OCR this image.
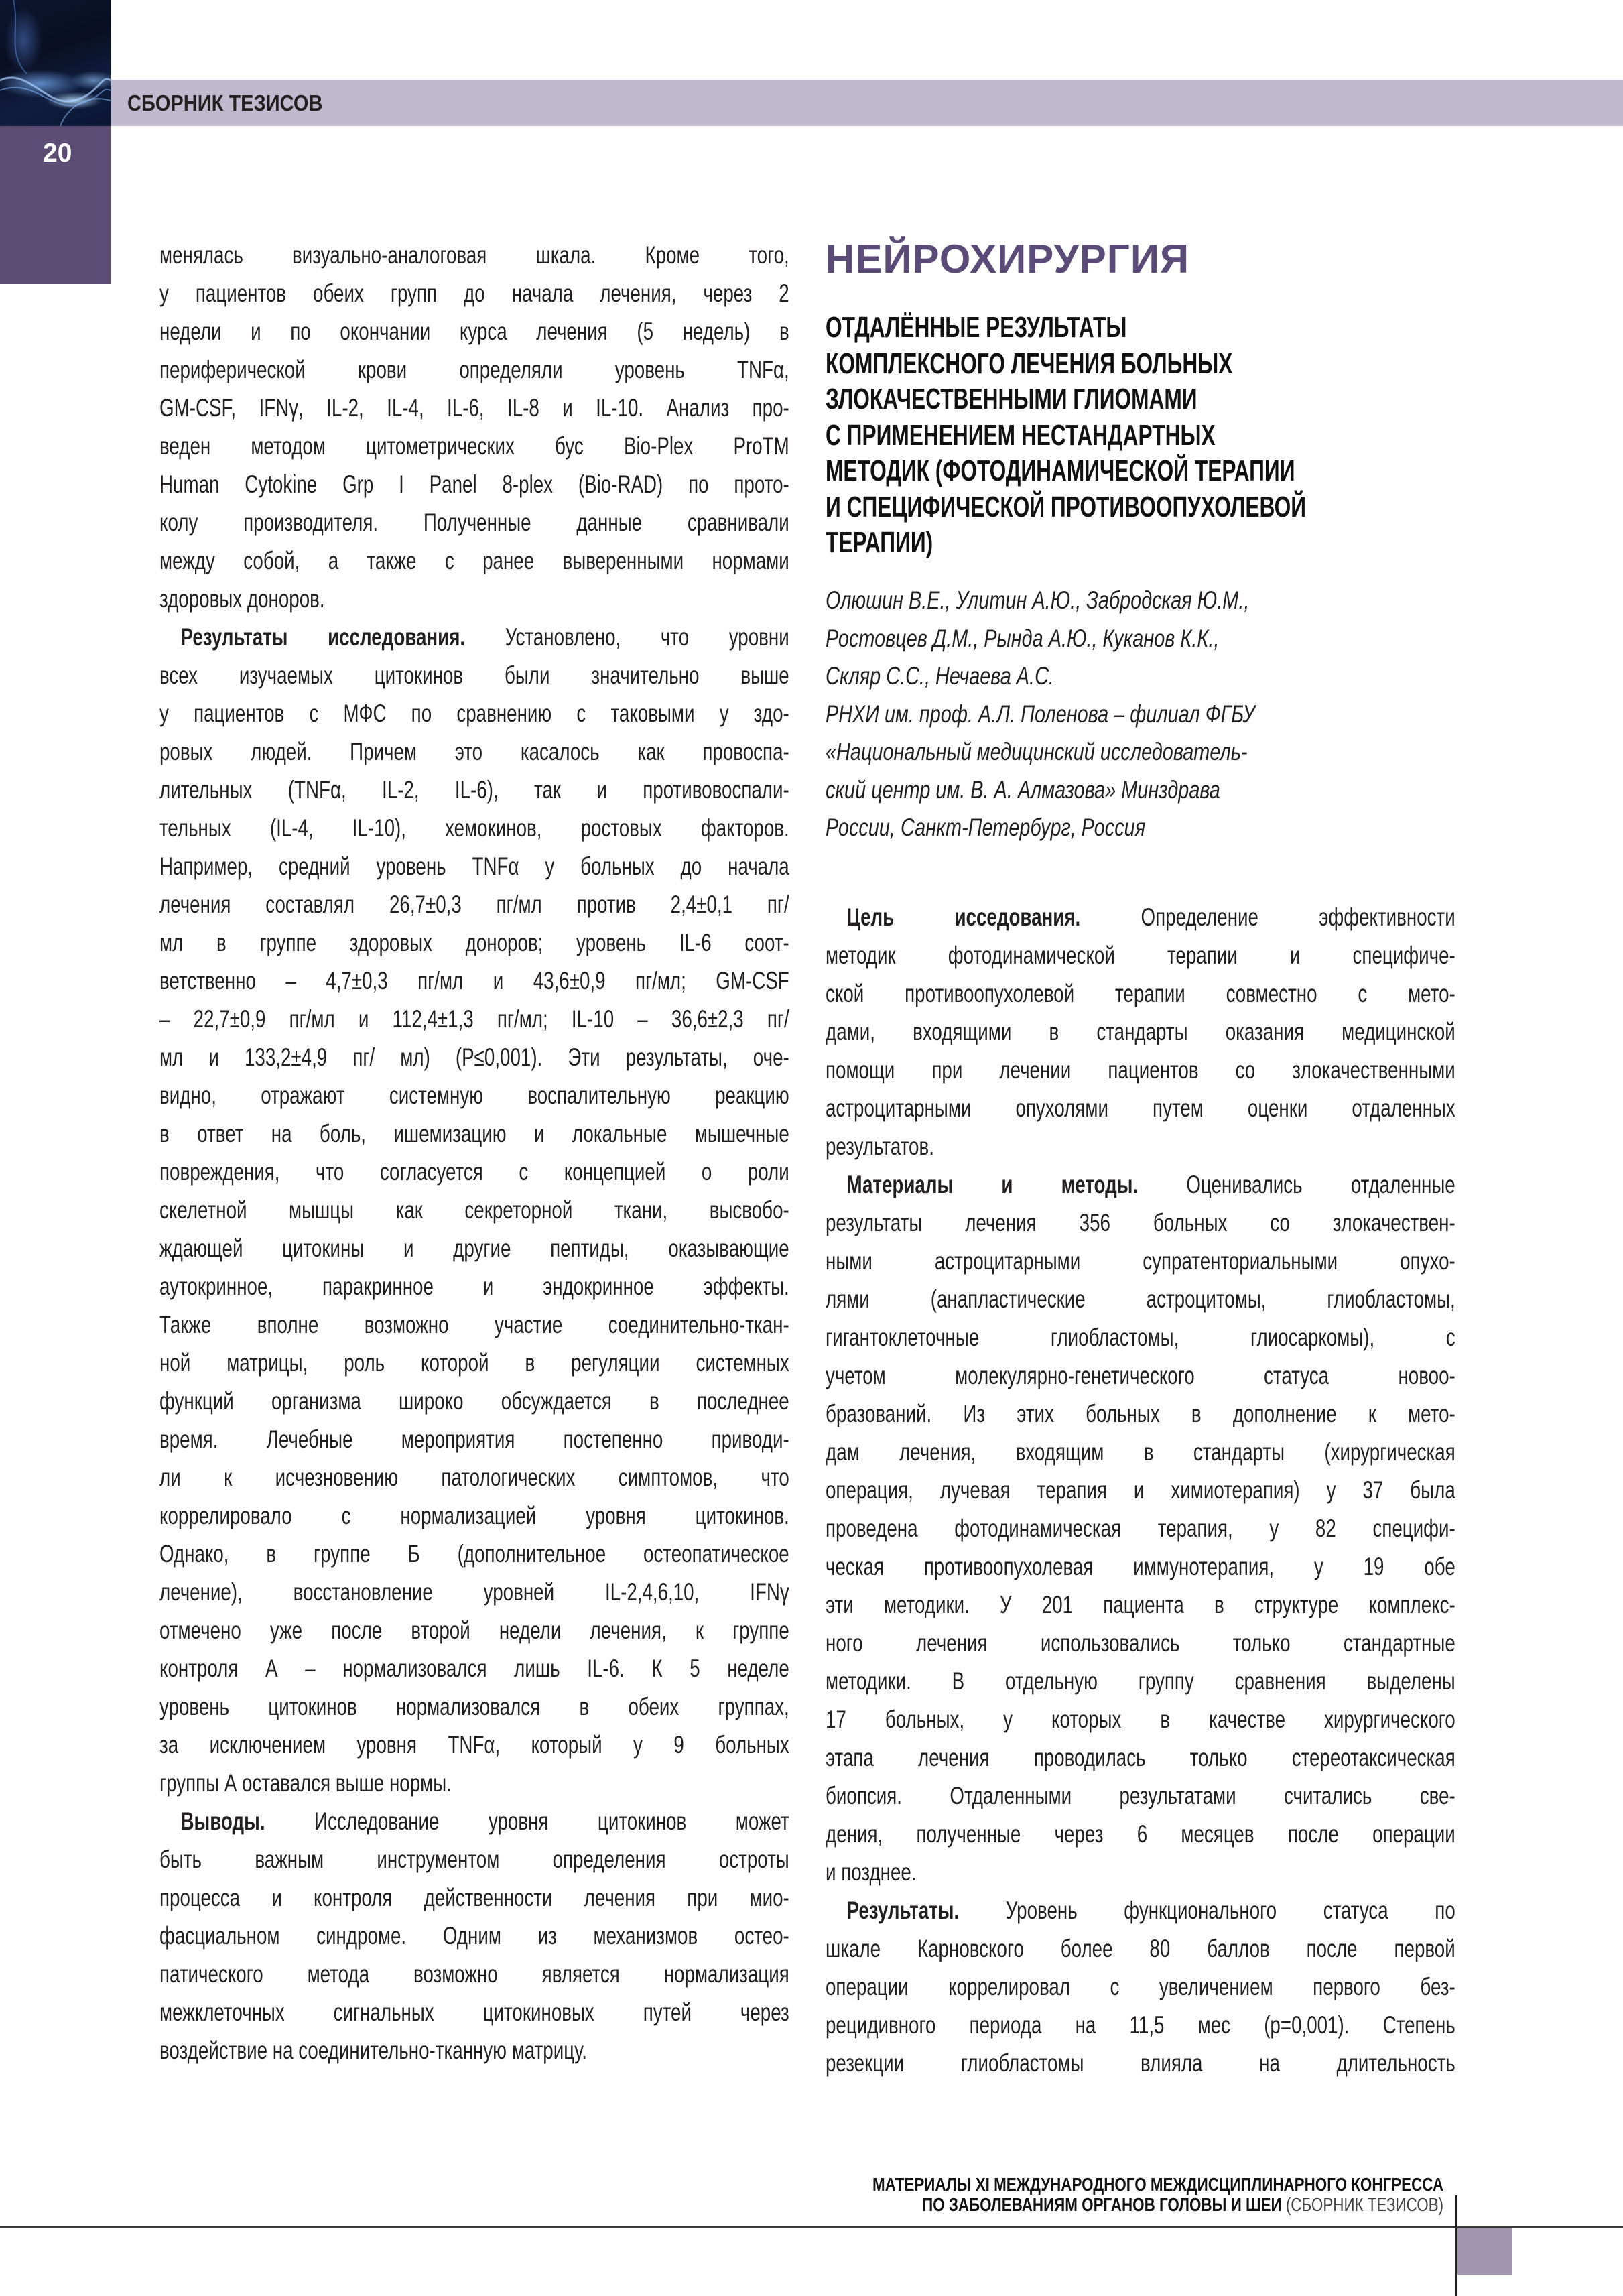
СБОРНИК ТЕЗИСОВ
20
менялась визуально-аналоговая шкала. Кроме того,
у пациентов обеих групп до начала лечения, через 2
недели и по окончании курса лечения (5 недель) в
периферической крови определяли уровень TNFα,
GM-CSF, IFNγ, IL-2, IL-4, IL-6, IL-8 и IL-10. Анализ про-
веден методом цитометрических бус Bio-Plex ProTM
Human Cytokine Grp I Panel 8-plex (Bio-RAD) по прото-
колу производителя. Полученные данные сравнивали
между собой, а также с ранее выверенными нормами
здоровых доноров.
Результаты исследования. Установлено, что уровни
всех изучаемых цитокинов были значительно выше
у пациентов с МФС по сравнению с таковыми у здо-
ровых людей. Причем это касалось как провоспа-
лительных (TNFα, IL-2, IL-6), так и противовоспали-
тельных (IL-4, IL-10), хемокинов, ростовых факторов.
Например, средний уровень TNFα у больных до начала
лечения составлял 26,7±0,3 пг/мл против 2,4±0,1 пг/
мл в группе здоровых доноров; уровень IL-6 соот-
ветственно – 4,7±0,3 пг/мл и 43,6±0,9 пг/мл; GM-CSF
– 22,7±0,9 пг/мл и 112,4±1,3 пг/мл; IL-10 – 36,6±2,3 пг/
мл и 133,2±4,9 пг/ мл) (P≤0,001). Эти результаты, оче-
видно, отражают системную воспалительную реакцию
в ответ на боль, ишемизацию и локальные мышечные
повреждения, что согласуется с концепцией о роли
скелетной мышцы как секреторной ткани, высвобо-
ждающей цитокины и другие пептиды, оказывающие
аутокринное, паракринное и эндокринное эффекты.
Также вполне возможно участие соединительно-ткан-
ной матрицы, роль которой в регуляции системных
функций организма широко обсуждается в последнее
время. Лечебные мероприятия постепенно приводи-
ли к исчезновению патологических симптомов, что
коррелировало с нормализацией уровня цитокинов.
Однако, в группе Б (дополнительное остеопатическое
лечение), восстановление уровней IL-2,4,6,10, IFNγ
отмечено уже после второй недели лечения, к группе
контроля А – нормализовался лишь IL-6. К 5 неделе
уровень цитокинов нормализовался в обеих группах,
за исключением уровня TNFα, который у 9 больных
группы А оставался выше нормы.
Выводы. Исследование уровня цитокинов может
быть важным инструментом определения остроты
процесса и контроля действенности лечения при мио-
фасциальном синдроме. Одним из механизмов остео-
патического метода возможно является нормализация
межклеточных сигнальных цитокиновых путей через
воздействие на соединительно-тканную матрицу.
НЕЙРОХИРУРГИЯ
ОТДАЛЁННЫЕ РЕЗУЛЬТАТЫ
КОМПЛЕКСНОГО ЛЕЧЕНИЯ БОЛЬНЫХ
ЗЛОКАЧЕСТВЕННЫМИ ГЛИОМАМИ
С ПРИМЕНЕНИЕМ НЕСТАНДАРТНЫХ
МЕТОДИК (ФОТОДИНАМИЧЕСКОЙ ТЕРАПИИ
И СПЕЦИФИЧЕСКОЙ ПРОТИВООПУХОЛЕВОЙ
ТЕРАПИИ)
Олюшин В.Е., Улитин А.Ю., Забродская Ю.М.,
Ростовцев Д.М., Рында А.Ю., Куканов К.К.,
Скляр С.С., Нечаева А.С.
РНХИ им. проф. А.Л. Поленова – филиал ФГБУ
«Национальный медицинский исследователь-
ский центр им. В. А. Алмазова» Минздрава
России, Санкт-Петербург, Россия
Цель исседования. Определение эффективности
методик фотодинамической терапии и специфиче-
ской противоопухолевой терапии совместно с мето-
дами, входящими в стандарты оказания медицинской
помощи при лечении пациентов со злокачественными
астроцитарными опухолями путем оценки отдаленных
результатов.
Материалы и методы. Оценивались отдаленные
результаты лечения 356 больных со злокачествен-
ными астроцитарными супратенториальными опухо-
лями (анапластические астроцитомы, глиобластомы,
гигантоклеточные глиобластомы, глиосаркомы), с
учетом молекулярно-генетического статуса новоо-
бразований. Из этих больных в дополнение к мето-
дам лечения, входящим в стандарты (хирургическая
операция, лучевая терапия и химиотерапия) у 37 была
проведена фотодинамическая терапия, у 82 специфи-
ческая противоопухолевая иммунотерапия, у 19 обе
эти методики. У 201 пациента в структуре комплекс-
ного лечения использовались только стандартные
методики. В отдельную группу сравнения выделены
17 больных, у которых в качестве хирургического
этапа лечения проводилась только стереотаксическая
биопсия. Отдаленными результатами считались све-
дения, полученные через 6 месяцев после операции
и позднее.
Результаты. Уровень функционального статуса по
шкале Карновского более 80 баллов после первой
операции коррелировал с увеличением первого без-
рецидивного периода на 11,5 мес (p=0,001). Степень
резекции глиобластомы влияла на длительность
МАТЕРИАЛЫ XI МЕЖДУНАРОДНОГО МЕЖДИСЦИПЛИНАРНОГО КОНГРЕССА
ПО ЗАБОЛЕВАНИЯМ ОРГАНОВ ГОЛОВЫ И ШЕИ (СБОРНИК ТЕЗИСОВ)
